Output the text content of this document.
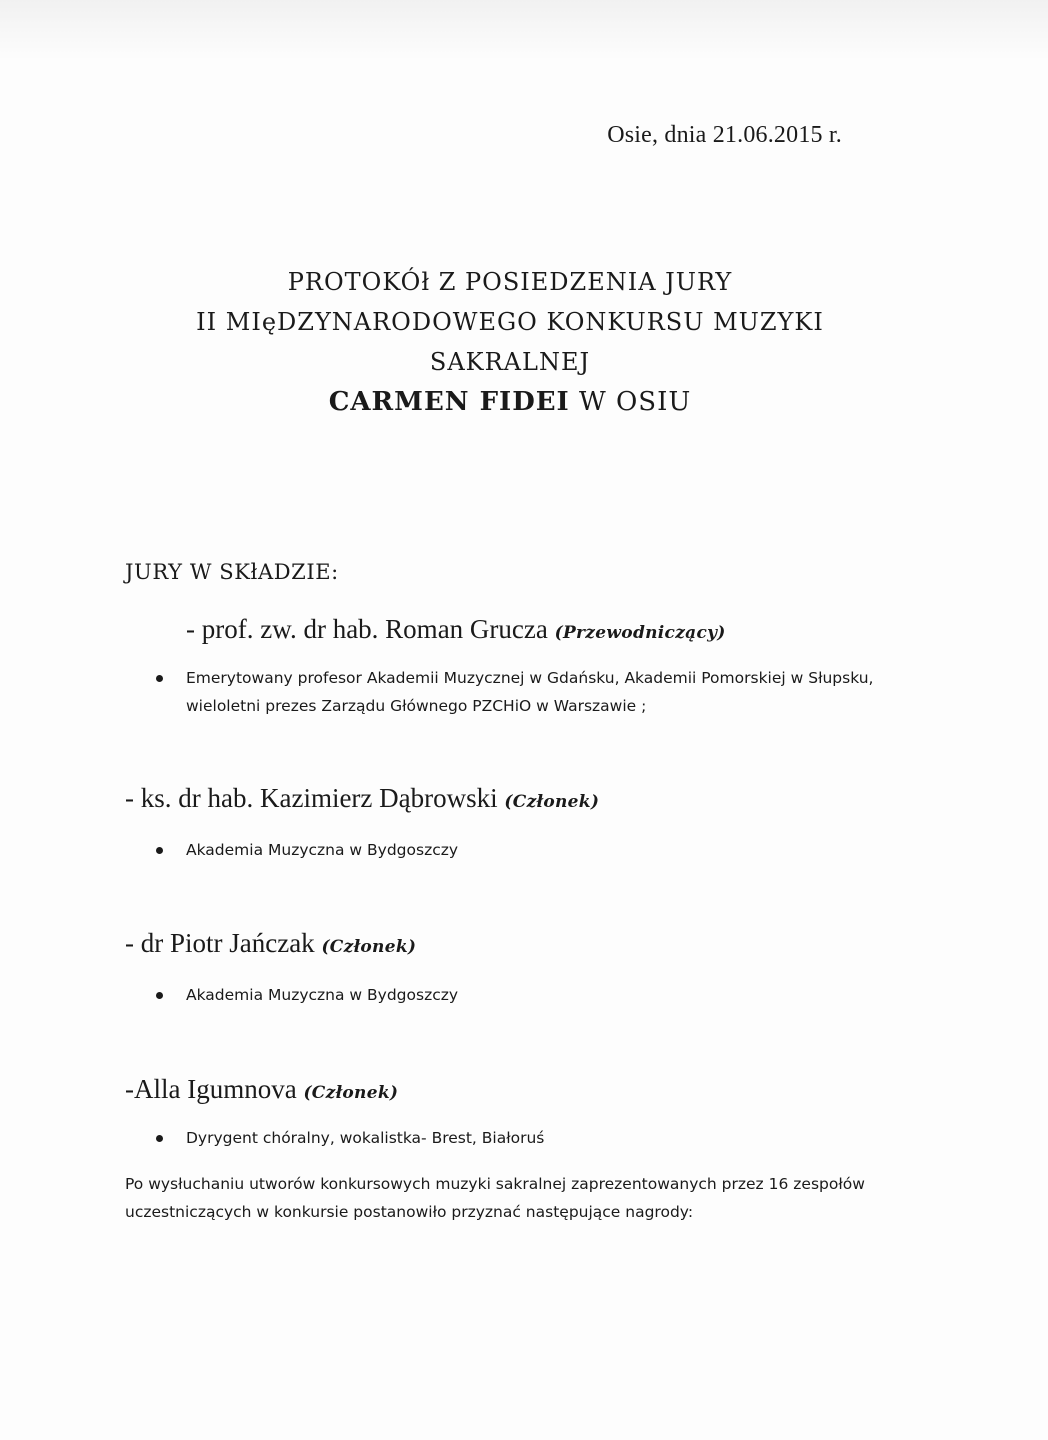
Osie, dnia 21.06.2015 r.
PROTOKÓł Z POSIEDZENIA JURY
II MIęDZYNARODOWEGO KONKURSU MUZYKI
SAKRALNEJ
CARMEN FIDEI W OSIU
JURY W SKłADZIE:
- prof. zw. dr hab. Roman Grucza (Przewodniczący)
Emerytowany profesor Akademii Muzycznej w Gdańsku, Akademii Pomorskiej w Słupsku, wieloletni prezes Zarządu Głównego PZCHiO w Warszawie ;
- ks. dr hab. Kazimierz Dąbrowski (Członek)
Akademia Muzyczna w Bydgoszczy
- dr Piotr Jańczak (Członek)
Akademia Muzyczna w Bydgoszczy
-Alla Igumnova (Członek)
Dyrygent chóralny, wokalistka- Brest, Białoruś
Po wysłuchaniu utworów konkursowych muzyki sakralnej zaprezentowanych przez 16 zespołów uczestniczących w konkursie postanowiło przyznać następujące nagrody:
